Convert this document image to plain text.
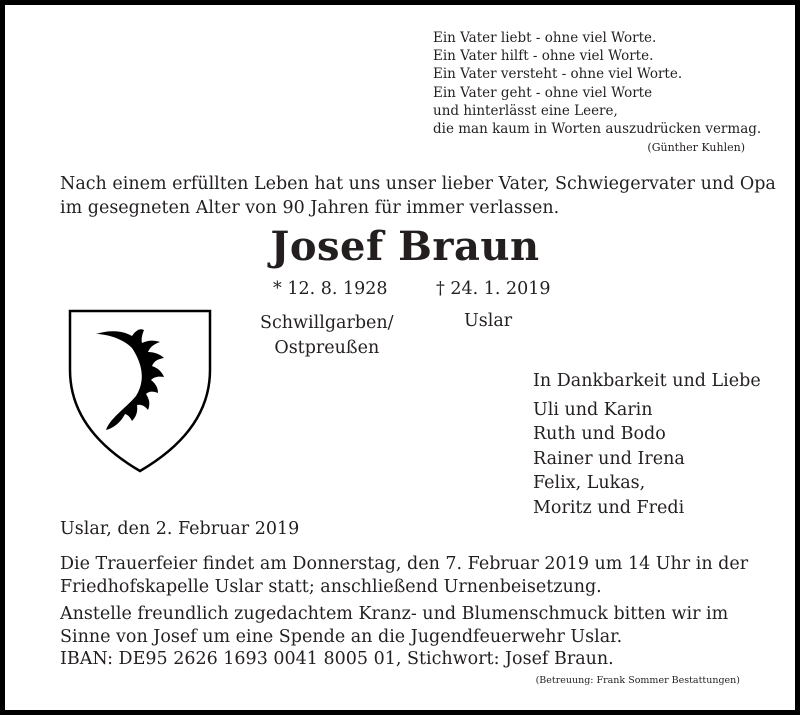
Ein Vater liebt - ohne viel Worte.
Ein Vater hilft - ohne viel Worte.
Ein Vater versteht - ohne viel Worte.
Ein Vater geht - ohne viel Worte
und hinterlässt eine Leere,
die man kaum in Worten auszudrücken vermag.
(Günther Kuhlen)
Nach einem erfüllten Leben hat uns unser lieber Vater, Schwiegervater und Opa
im gesegneten Alter von 90 Jahren für immer verlassen.
Josef Braun
* 12. 8. 1928	† 24. 1. 2019
Schwillgarben/
Ostpreußen
Uslar
In Dankbarkeit und Liebe
Uli und Karin
Ruth und Bodo
Rainer und Irena
Felix, Lukas,
Moritz und Fredi
Uslar, den 2. Februar 2019
Die Trauerfeier findet am Donnerstag, den 7. Februar 2019 um 14 Uhr in der
Friedhofskapelle Uslar statt; anschließend Urnenbeisetzung.
Anstelle freundlich zugedachtem Kranz- und Blumenschmuck bitten wir im
Sinne von Josef um eine Spende an die Jugendfeuerwehr Uslar.
IBAN: DE95 2626 1693 0041 8005 01, Stichwort: Josef Braun.
(Betreuung: Frank Sommer Bestattungen)
